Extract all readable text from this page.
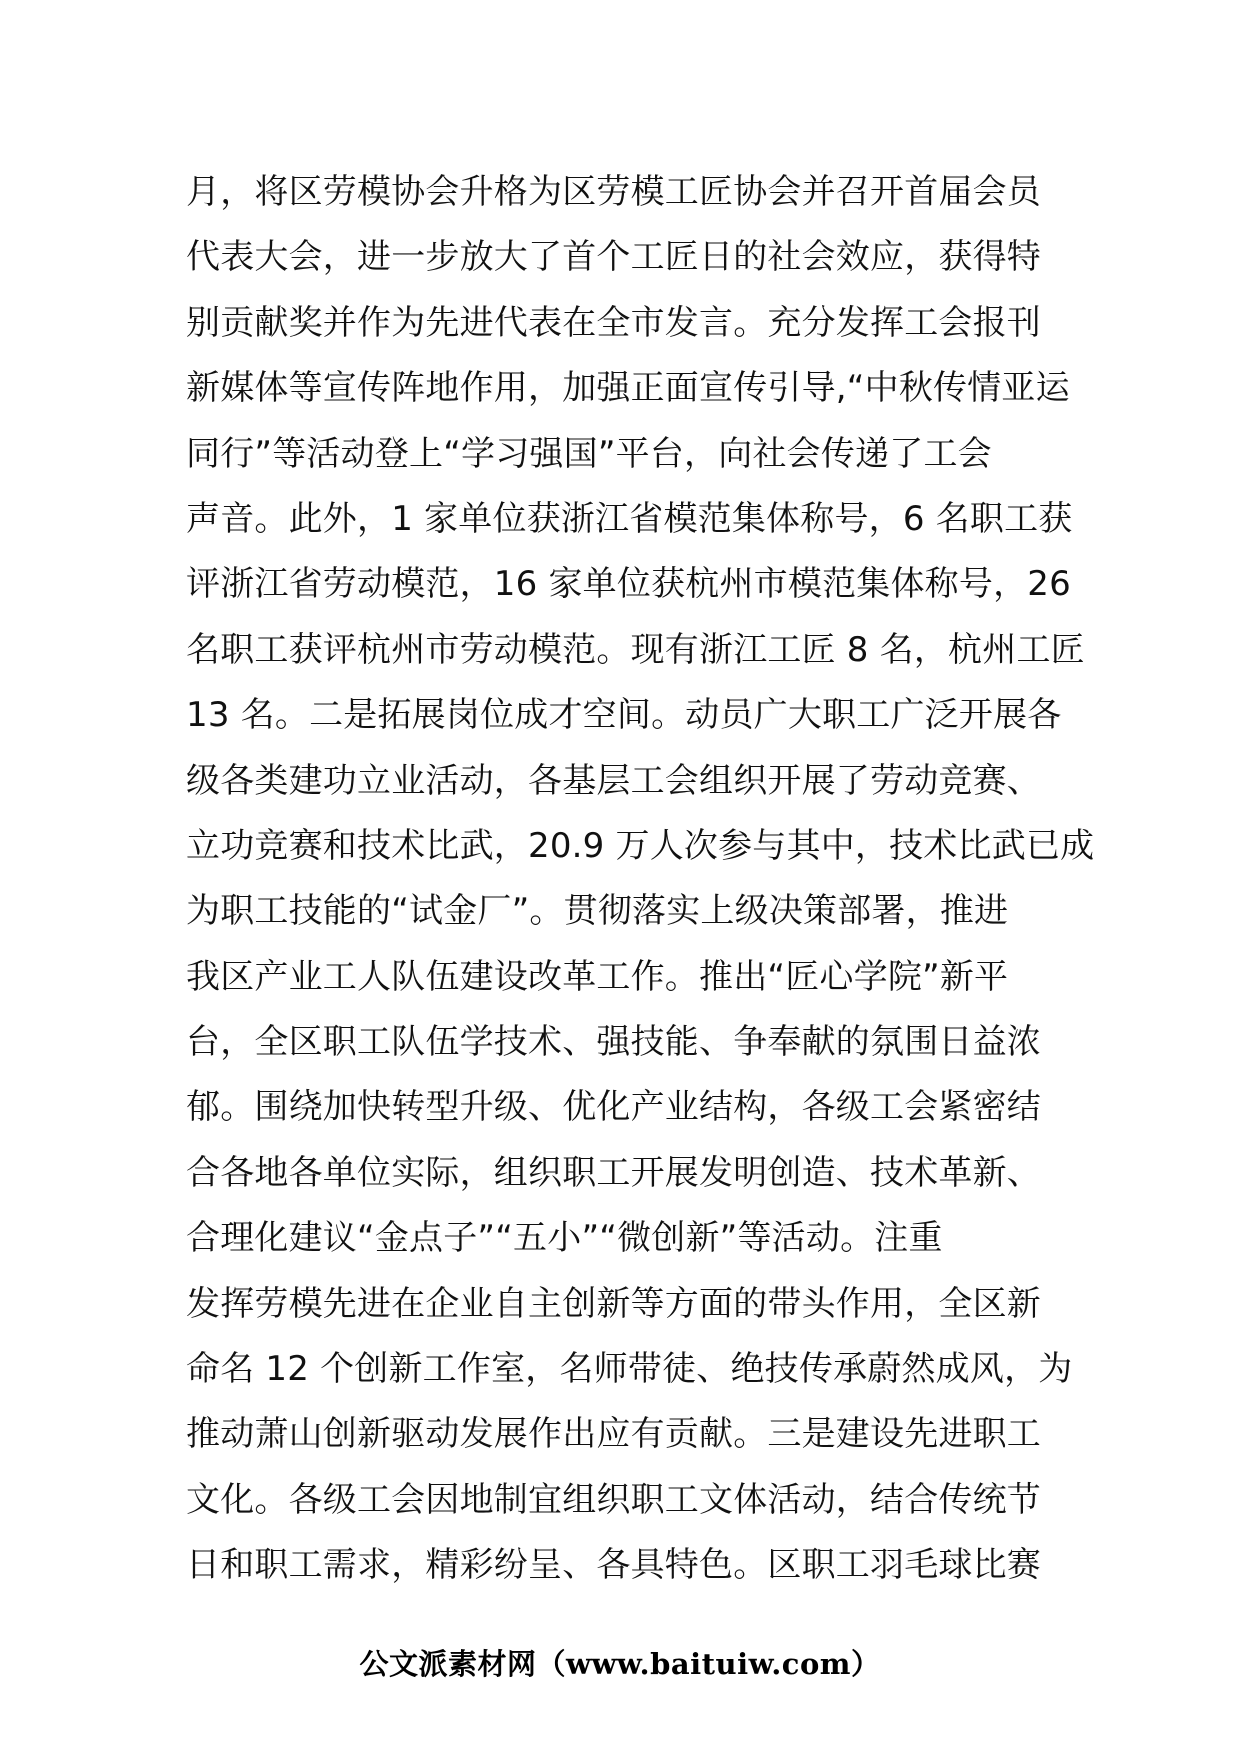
月，将区劳模协会升格为区劳模工匠协会并召开首届会员
代表大会，进一步放大了首个工匠日的社会效应，获得特
别贡献奖并作为先进代表在全市发言。充分发挥工会报刊
新媒体等宣传阵地作用，加强正面宣传引导,“中秋传情亚运
同行”等活动登上“学习强国”平台，向社会传递了工会
声音。此外，1 家单位获浙江省模范集体称号，6 名职工获
评浙江省劳动模范，16 家单位获杭州市模范集体称号，26
名职工获评杭州市劳动模范。现有浙江工匠 8 名，杭州工匠
13 名。二是拓展岗位成才空间。动员广大职工广泛开展各
级各类建功立业活动，各基层工会组织开展了劳动竞赛、
立功竞赛和技术比武，20.9 万人次参与其中，技术比武已成
为职工技能的“试金厂”。贯彻落实上级决策部署，推进
我区产业工人队伍建设改革工作。推出“匠心学院”新平
台，全区职工队伍学技术、强技能、争奉献的氛围日益浓
郁。围绕加快转型升级、优化产业结构，各级工会紧密结
合各地各单位实际，组织职工开展发明创造、技术革新、
合理化建议“金点子”“五小”“微创新”等活动。注重
发挥劳模先进在企业自主创新等方面的带头作用，全区新
命名 12 个创新工作室，名师带徒、绝技传承蔚然成风，为
推动萧山创新驱动发展作出应有贡献。三是建设先进职工
文化。各级工会因地制宜组织职工文体活动，结合传统节
日和职工需求，精彩纷呈、各具特色。区职工羽毛球比赛
公文派素材网（www.baituiw.com）
